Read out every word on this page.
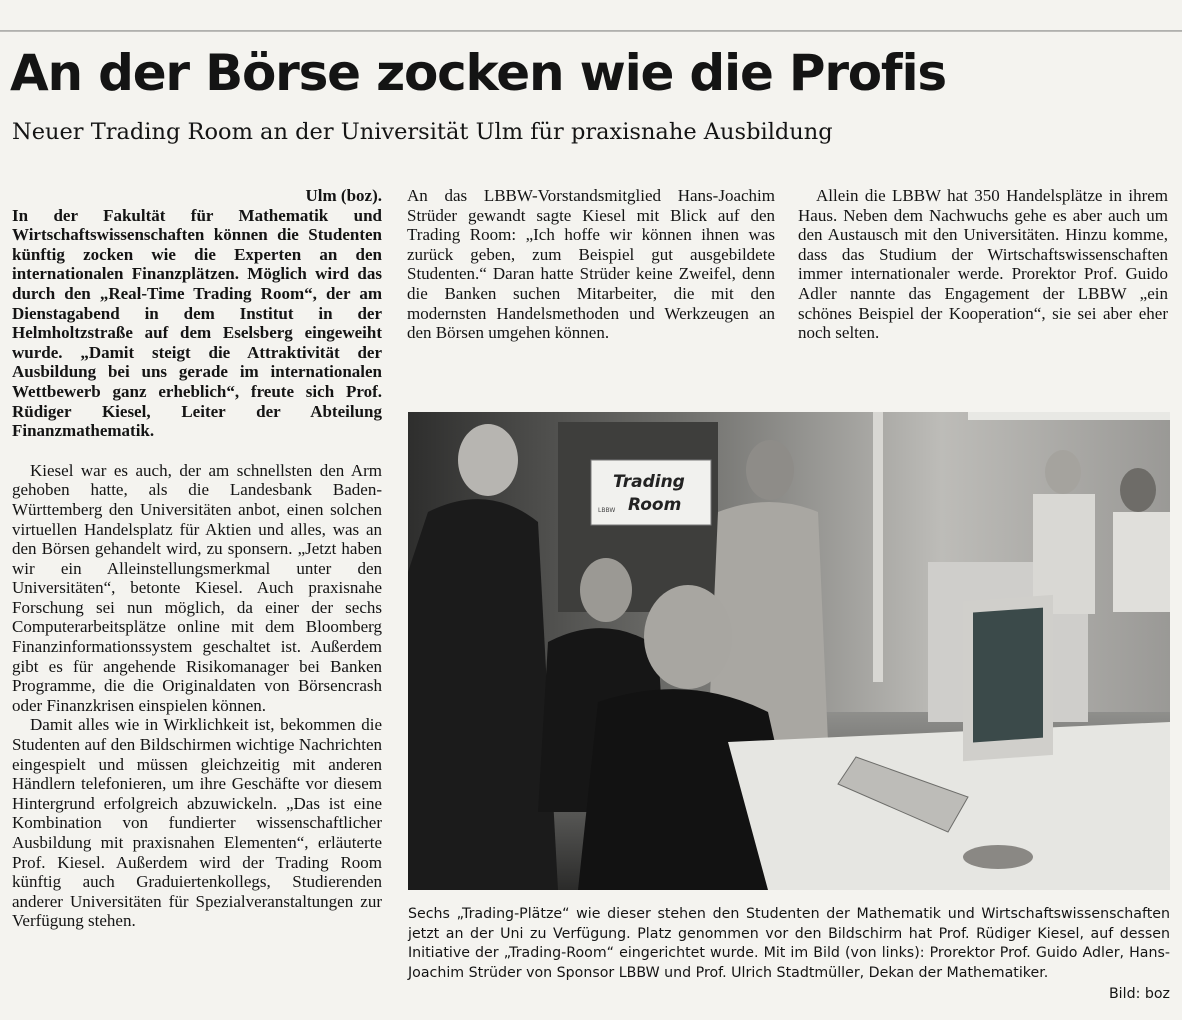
An der Börse zocken wie die Profis
Neuer Trading Room an der Universität Ulm für praxisnahe Ausbildung

Ulm (boz).

In der Fakultät für Mathematik und Wirtschaftswissenschaften können die Studenten künftig zocken wie die Experten an den internationalen Finanzplätzen. Möglich wird das durch den „Real-Time Trading Room“, der am Dienstagabend in dem Institut in der Helmholtzstraße auf dem Eselsberg eingeweiht wurde. „Damit steigt die Attraktivität der Ausbildung bei uns gerade im internationalen Wettbewerb ganz erheblich“, freute sich Prof. Rüdiger Kiesel, Leiter der Abteilung Finanzmathematik.

Kiesel war es auch, der am schnellsten den Arm gehoben hatte, als die Landesbank Baden-Württemberg den Universitäten anbot, einen solchen virtuellen Handelsplatz für Aktien und alles, was an den Börsen gehandelt wird, zu sponsern. „Jetzt haben wir ein Alleinstellungsmerkmal unter den Universitäten“, betonte Kiesel. Auch praxisnahe Forschung sei nun möglich, da einer der sechs Computerarbeitsplätze online mit dem Bloomberg Finanzinformationssystem geschaltet ist. Außerdem gibt es für angehende Risikomanager bei Banken Programme, die die Originaldaten von Börsencrash oder Finanzkrisen einspielen können.

Damit alles wie in Wirklichkeit ist, bekommen die Studenten auf den Bildschirmen wichtige Nachrichten eingespielt und müssen gleichzeitig mit anderen Händlern telefonieren, um ihre Geschäfte vor diesem Hintergrund erfolgreich abzuwickeln. „Das ist eine Kombination von fundierter wissenschaftlicher Ausbildung mit praxisnahen Elementen“, erläuterte Prof. Kiesel. Außerdem wird der Trading Room künftig auch Graduiertenkollegs, Studierenden anderer Universitäten für Spezialveranstaltungen zur Verfügung stehen.

An das LBBW-Vorstandsmitglied Hans-Joachim Strüder gewandt sagte Kiesel mit Blick auf den Trading Room: „Ich hoffe wir können ihnen was zurück geben, zum Beispiel gut ausgebildete Studenten.“ Daran hatte Strüder keine Zweifel, denn die Banken suchen Mitarbeiter, die mit den modernsten Handelsmethoden und Werkzeugen an den Börsen umgehen können.

Allein die LBBW hat 350 Handelsplätze in ihrem Haus. Neben dem Nachwuchs gehe es aber auch um den Austausch mit den Universitäten. Hinzu komme, dass das Studium der Wirtschaftswissenschaften immer internationaler werde. Prorektor Prof. Guido Adler nannte das Engagement der LBBW „ein schönes Beispiel der Kooperation“, sie sei aber eher noch selten.

Trading
Room
LBBW

Sechs „Trading-Plätze“ wie dieser stehen den Studenten der Mathematik und Wirtschaftswissenschaften jetzt an der Uni zu Verfügung. Platz genommen vor den Bildschirm hat Prof. Rüdiger Kiesel, auf dessen Initiative der „Trading-Room“ eingerichtet wurde. Mit im Bild (von links): Prorektor Prof. Guido Adler, Hans-Joachim Strüder von Sponsor LBBW und Prof. Ulrich Stadtmüller, Dekan der Mathematiker.

Bild: boz
